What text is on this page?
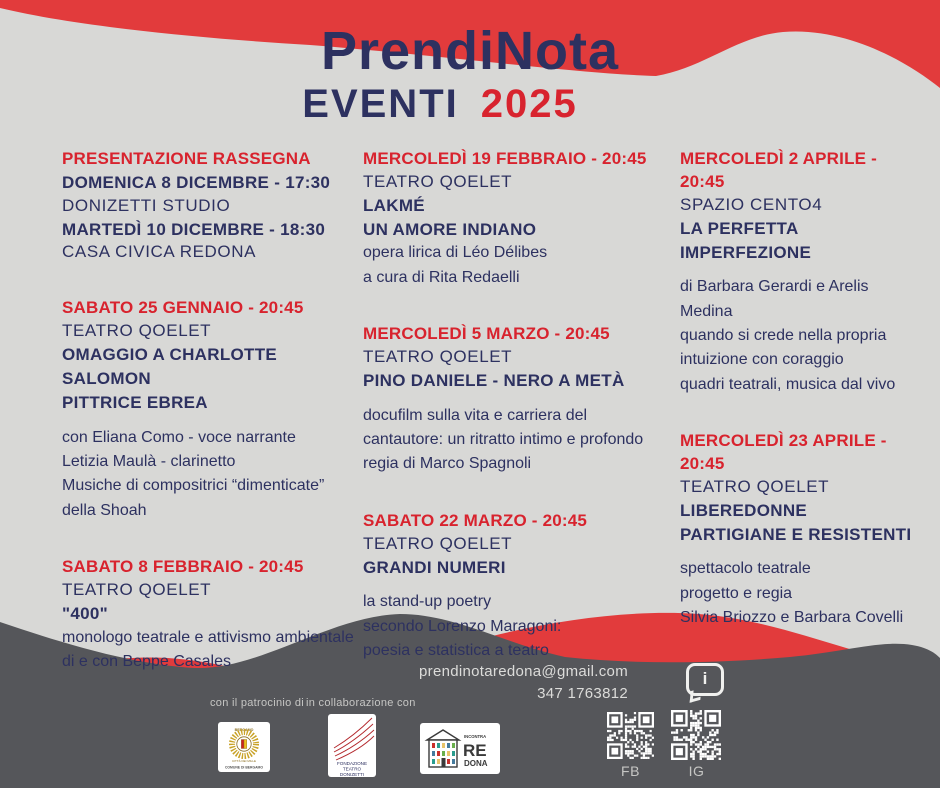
PrendiNota
EVENTI 2025
PRESENTAZIONE RASSEGNA
DOMENICA 8 DICEMBRE - 17:30
DONIZETTI STUDIO
MARTEDÌ 10 DICEMBRE - 18:30
CASA CIVICA REDONA
SABATO 25 GENNAIO - 20:45
TEATRO QOELET
OMAGGIO A CHARLOTTE SALOMON
PITTRICE EBREA
con Eliana Como - voce narrante
Letizia Maulà - clarinetto
Musiche di compositrici “dimenticate” della Shoah
SABATO 8 FEBBRAIO - 20:45
TEATRO QOELET
"400"
monologo teatrale e attivismo ambientale
di e con Beppe Casales
MERCOLEDÌ 19 FEBBRAIO - 20:45
TEATRO QOELET
LAKMÉ
UN AMORE INDIANO
opera lirica di Léo Délibes
a cura di Rita Redaelli
MERCOLEDÌ 5 MARZO - 20:45
TEATRO QOELET
PINO DANIELE - NERO A METÀ
docufilm sulla vita e carriera del cantautore: un ritratto intimo e profondo
regia di Marco Spagnoli
SABATO 22 MARZO - 20:45
TEATRO QOELET
GRANDI NUMERI
la stand-up poetry
secondo Lorenzo Maragoni:
poesia e statistica a teatro
MERCOLEDÌ 2 APRILE - 20:45
SPAZIO CENTO4
LA PERFETTA IMPERFEZIONE
di Barbara Gerardi e Arelis Medina
quando si crede nella propria intuizione con coraggio
quadri teatrali, musica dal vivo
MERCOLEDÌ 23 APRILE - 20:45
TEATRO QOELET
LIBEREDONNE
PARTIGIANE E RESISTENTI
spettacolo teatrale
progetto e regia
Silvia Briozzo e Barbara Covelli
prendinotaredona@gmail.com
347 1763812
i
con il patrocinio di in collaborazione con
BERGAMO
CITTÀ DEI MILLE
COMUNE DI BERGAMO
FONDAZIONE
TEATRO
DONIZETTI
INCONTRA
RE
DONA	FB	IG
